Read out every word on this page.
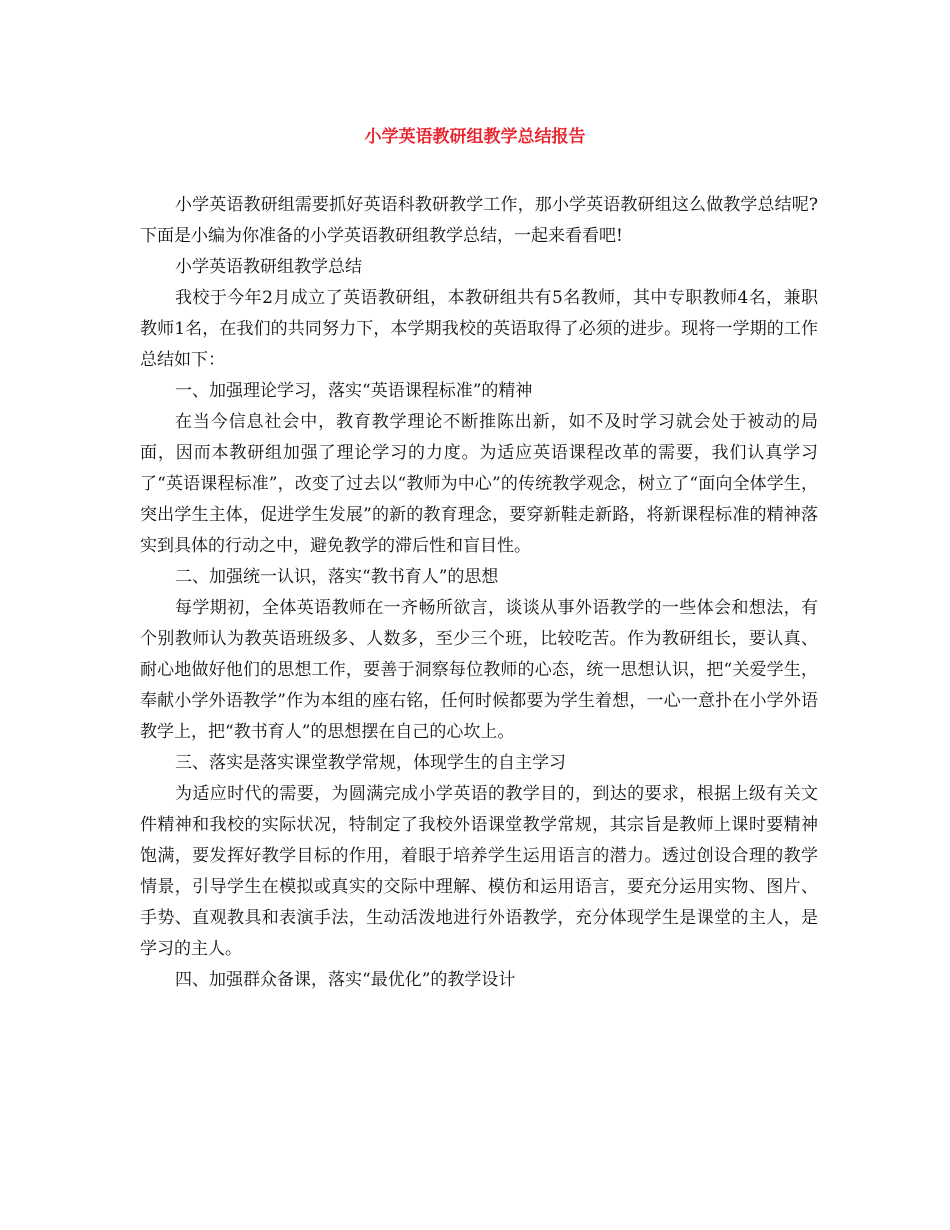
小学英语教研组教学总结报告

小学英语教研组需要抓好英语科教研教学工作，那小学英语教研组这么做教学总结呢?下面是小编为你准备的小学英语教研组教学总结，一起来看看吧!

小学英语教研组教学总结

我校于今年2月成立了英语教研组，本教研组共有5名教师，其中专职教师4名，兼职教师1名，在我们的共同努力下，本学期我校的英语取得了必须的进步。现将一学期的工作总结如下：

一、加强理论学习，落实“英语课程标准”的精神

在当今信息社会中，教育教学理论不断推陈出新，如不及时学习就会处于被动的局面，因而本教研组加强了理论学习的力度。为适应英语课程改革的需要，我们认真学习了“英语课程标准”，改变了过去以“教师为中心”的传统教学观念，树立了“面向全体学生，突出学生主体，促进学生发展”的新的教育理念，要穿新鞋走新路，将新课程标准的精神落实到具体的行动之中，避免教学的滞后性和盲目性。

二、加强统一认识，落实“教书育人”的思想

每学期初，全体英语教师在一齐畅所欲言，谈谈从事外语教学的一些体会和想法，有个别教师认为教英语班级多、人数多，至少三个班，比较吃苦。作为教研组长，要认真、耐心地做好他们的思想工作，要善于洞察每位教师的心态，统一思想认识，把“关爱学生，奉献小学外语教学”作为本组的座右铭，任何时候都要为学生着想，一心一意扑在小学外语教学上，把“教书育人”的思想摆在自己的心坎上。

三、落实是落实课堂教学常规，体现学生的自主学习

为适应时代的需要，为圆满完成小学英语的教学目的，到达的要求，根据上级有关文件精神和我校的实际状况，特制定了我校外语课堂教学常规，其宗旨是教师上课时要精神饱满，要发挥好教学目标的作用，着眼于培养学生运用语言的潜力。透过创设合理的教学情景，引导学生在模拟或真实的交际中理解、模仿和运用语言，要充分运用实物、图片、手势、直观教具和表演手法，生动活泼地进行外语教学，充分体现学生是课堂的主人，是学习的主人。

四、加强群众备课，落实“最优化”的教学设计
